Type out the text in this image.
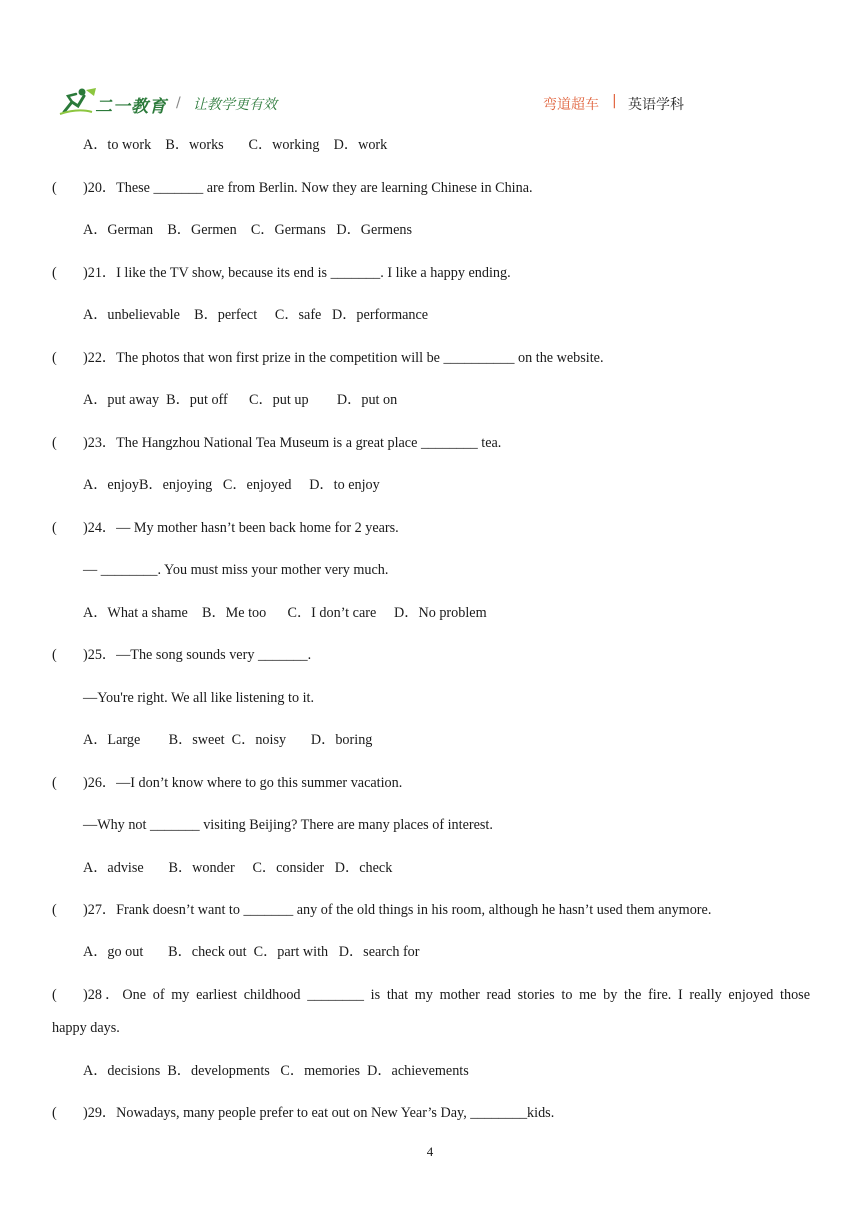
二一教育 / 让教学更有效	弯道超车 | 英语学科
A．to work    B．works       C．working    D．work
( )20．These _______ are from Berlin. Now they are learning Chinese in China.
A．German    B．Germen    C．Germans   D．Germens
( )21．I like the TV show, because its end is _______. I like a happy ending.
A．unbelievable    B．perfect     C．safe   D．performance
( )22．The photos that won first prize in the competition will be __________ on the website.
A．put away  B．put off      C．put up        D．put on
( )23．The Hangzhou National Tea Museum is a great place ________ tea.
A．enjoyB．enjoying   C．enjoyed     D．to enjoy
( )24．— My mother hasn’t been back home for 2 years.
— ________. You must miss your mother very much.
A．What a shame    B．Me too      C．I don’t care     D．No problem
( )25．—The song sounds very _______.
—You're right. We all like listening to it.
A．Large        B．sweet  C．noisy       D．boring
( )26．—I don’t know where to go this summer vacation.
—Why not _______ visiting Beijing? There are many places of interest.
A．advise       B．wonder     C．consider   D．check
( )27．Frank doesn’t want to _______ any of the old things in his room, although he hasn’t used them anymore.
A．go out       B．check out  C．part with   D．search for
( )28．One of my earliest childhood ________ is that my mother read stories to me by the fire. I really enjoyed those
happy days.
A．decisions  B．developments   C．memories  D．achievements
( )29．Nowadays, many people prefer to eat out on New Year’s Day, ________kids.
4
